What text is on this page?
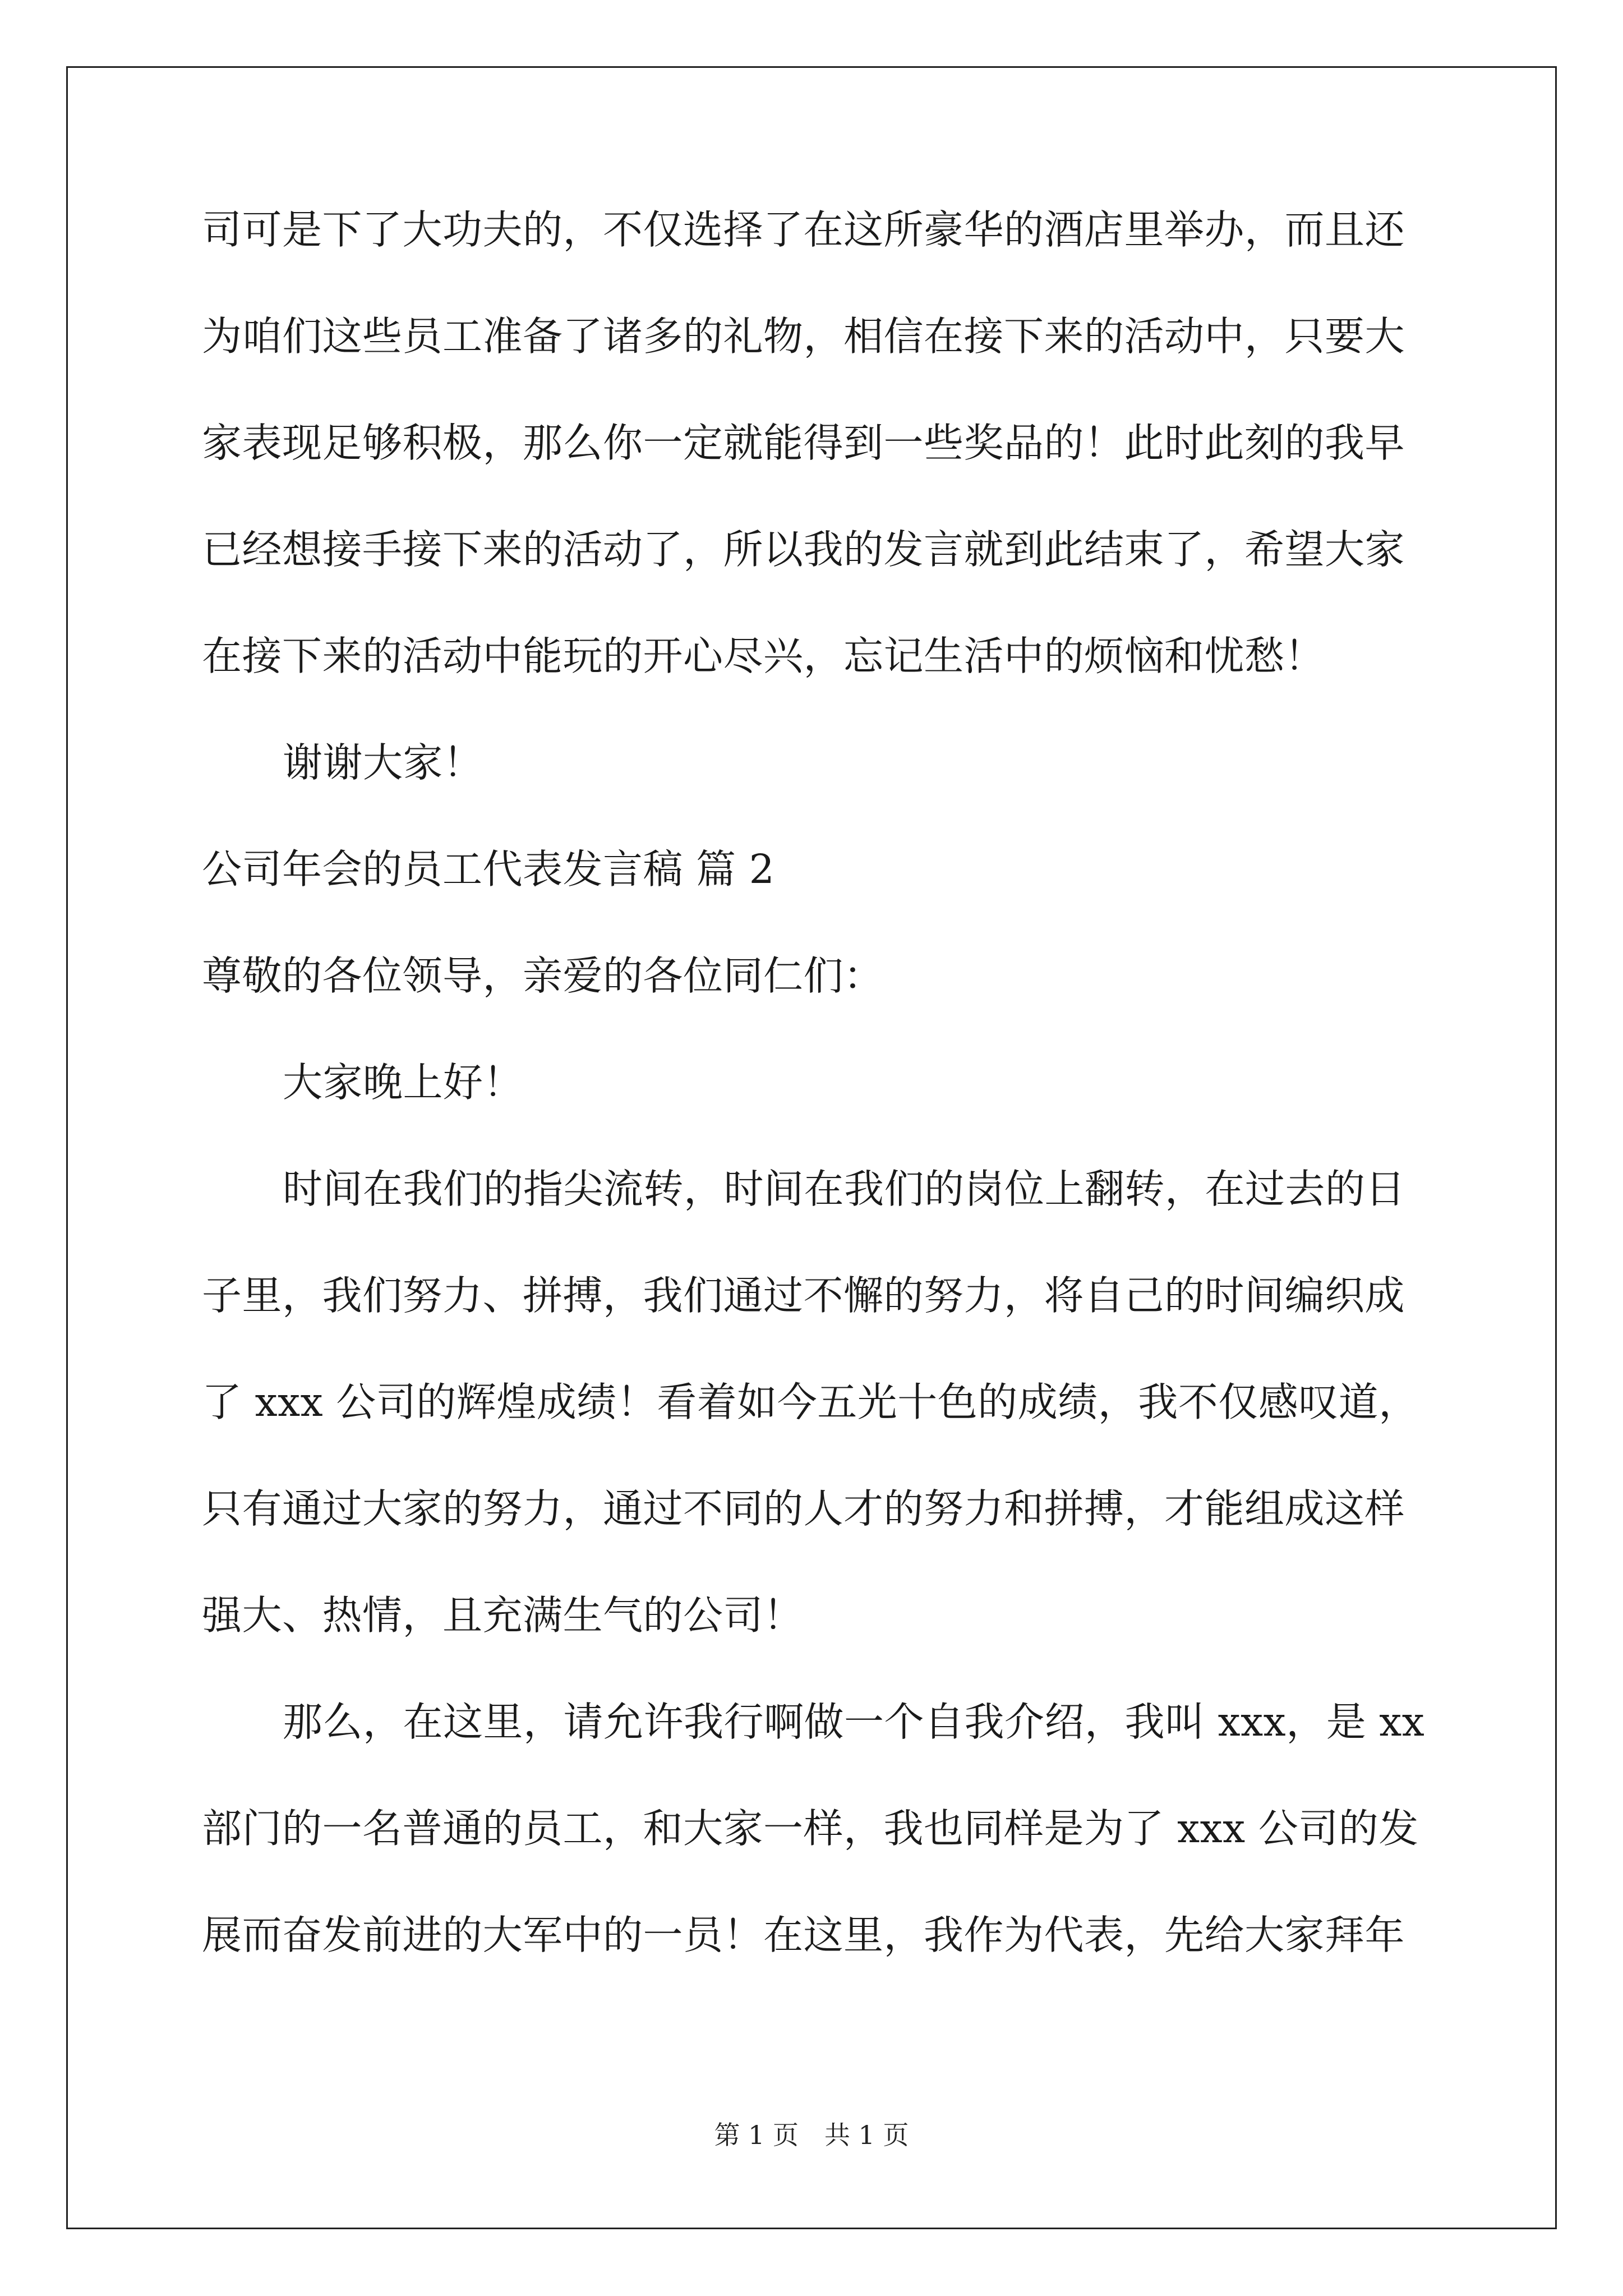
司可是下了大功夫的，不仅选择了在这所豪华的酒店里举办，而且还
为咱们这些员工准备了诸多的礼物，相信在接下来的活动中，只要大
家表现足够积极，那么你一定就能得到一些奖品的！此时此刻的我早
已经想接手接下来的活动了，所以我的发言就到此结束了，希望大家
在接下来的活动中能玩的开心尽兴，忘记生活中的烦恼和忧愁！
谢谢大家！
公司年会的员工代表发言稿 篇 2
尊敬的各位领导，亲爱的各位同仁们：
大家晚上好！
时间在我们的指尖流转，时间在我们的岗位上翻转，在过去的日
子里，我们努力、拼搏，我们通过不懈的努力，将自己的时间编织成
了 xxx 公司的辉煌成绩！看着如今五光十色的成绩，我不仅感叹道，
只有通过大家的努力，通过不同的人才的努力和拼搏，才能组成这样
强大、热情，且充满生气的公司！
那么，在这里，请允许我行啊做一个自我介绍，我叫 xxx，是 xx
部门的一名普通的员工，和大家一样，我也同样是为了 xxx 公司的发
展而奋发前进的大军中的一员！在这里，我作为代表，先给大家拜年
第 1 页　共 1 页
